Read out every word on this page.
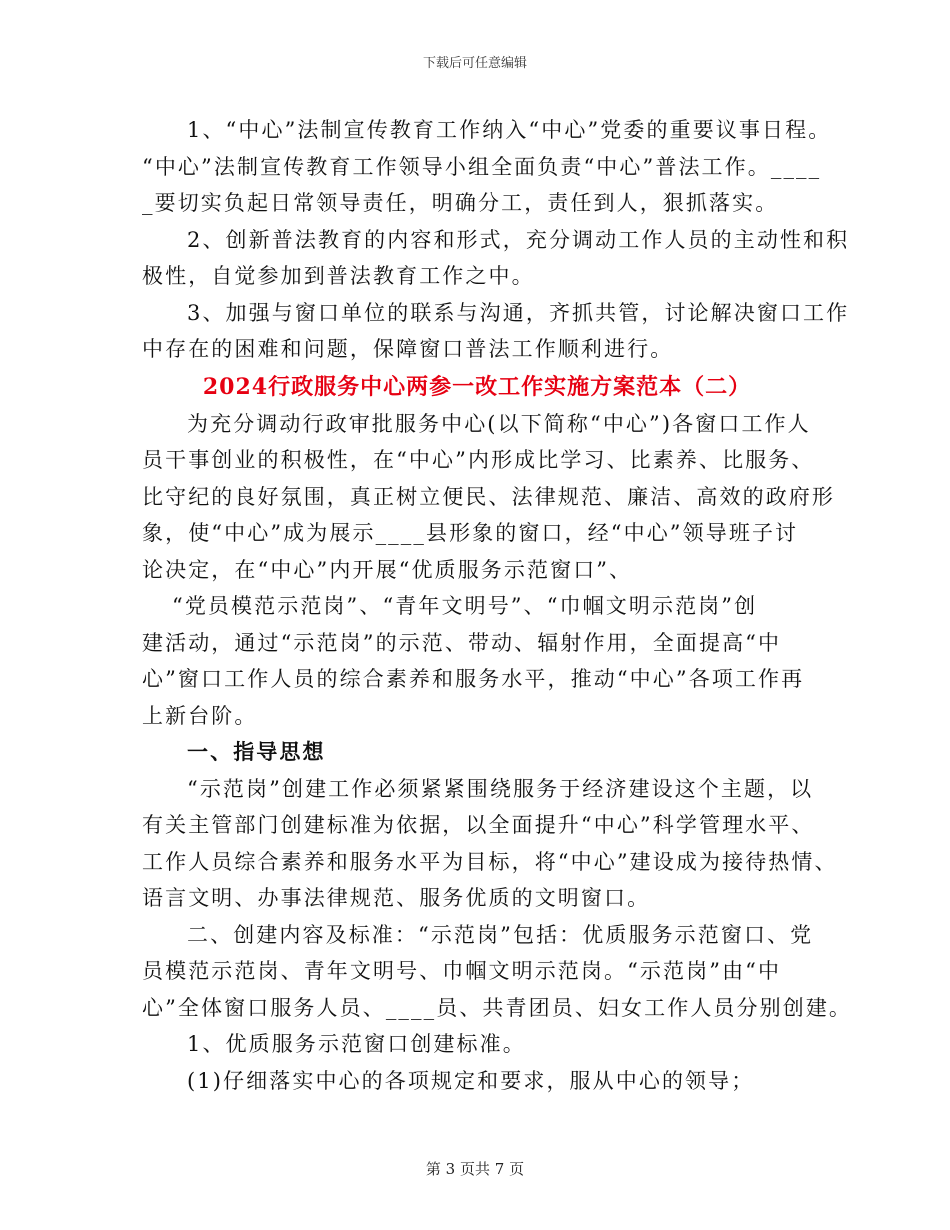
下载后可任意编辑
1、“中心”法制宣传教育工作纳入“中心”党委的重要议事日程。
“中心”法制宣传教育工作领导小组全面负责“中心”普法工作。____
_要切实负起日常领导责任，明确分工，责任到人，狠抓落实。
2、创新普法教育的内容和形式，充分调动工作人员的主动性和积
极性，自觉参加到普法教育工作之中。
3、加强与窗口单位的联系与沟通，齐抓共管，讨论解决窗口工作
中存在的困难和问题，保障窗口普法工作顺利进行。
2024行政服务中心两参一改工作实施方案范本（二）
为充分调动行政审批服务中心(以下简称“中心”)各窗口工作人
员干事创业的积极性，在“中心”内形成比学习、比素养、比服务、
比守纪的良好氛围，真正树立便民、法律规范、廉洁、高效的政府形
象，使“中心”成为展示____县形象的窗口，经“中心”领导班子讨
论决定，在“中心”内开展“优质服务示范窗口”、
“党员模范示范岗”、“青年文明号”、“巾帼文明示范岗”创
建活动，通过“示范岗”的示范、带动、辐射作用，全面提高“中
心”窗口工作人员的综合素养和服务水平，推动“中心”各项工作再
上新台阶。
一、指导思想
“示范岗”创建工作必须紧紧围绕服务于经济建设这个主题，以
有关主管部门创建标准为依据，以全面提升“中心”科学管理水平、
工作人员综合素养和服务水平为目标，将“中心”建设成为接待热情、
语言文明、办事法律规范、服务优质的文明窗口。
二、创建内容及标准：“示范岗”包括：优质服务示范窗口、党
员模范示范岗、青年文明号、巾帼文明示范岗。“示范岗”由“中
心”全体窗口服务人员、____员、共青团员、妇女工作人员分别创建。
1、优质服务示范窗口创建标准。
(1)仔细落实中心的各项规定和要求，服从中心的领导；
第 3 页共 7 页
